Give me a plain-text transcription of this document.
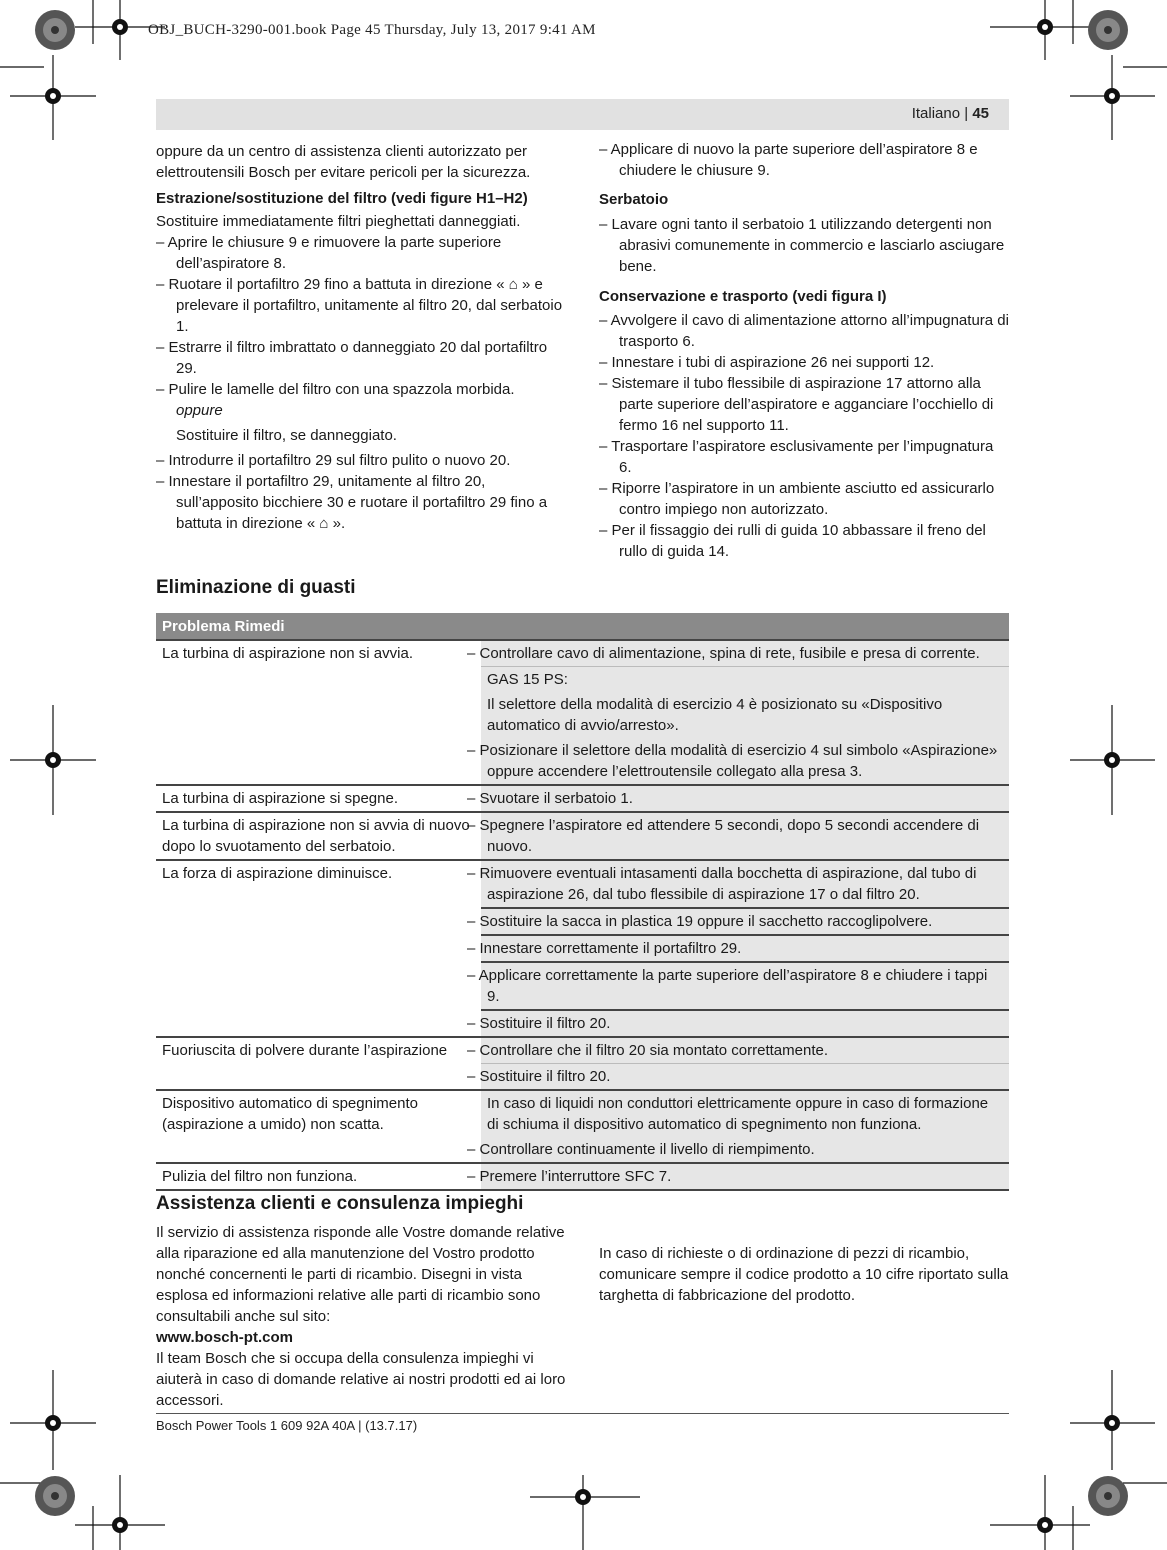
OBJ_BUCH-3290-001.book Page 45 Thursday, July 13, 2017 9:41 AM
Italiano | 45

oppure da un centro di assistenza clienti autorizzato per elettroutensili Bosch per evitare pericoli per la sicurezza.

Estrazione/sostituzione del filtro (vedi figure H1–H2)

Sostituire immediatamente filtri pieghettati danneggiati.

– Aprire le chiusure 9 e rimuovere la parte superiore dell’aspiratore 8.

– Ruotare il portafiltro 29 fino a battuta in direzione « ⌂ » e prelevare il portafiltro, unitamente al filtro 20, dal serbatoio 1.

– Estrarre il filtro imbrattato o danneggiato 20 dal portafiltro 29.

– Pulire le lamelle del filtro con una spazzola morbida.

oppure

Sostituire il filtro, se danneggiato.

– Introdurre il portafiltro 29 sul filtro pulito o nuovo 20.

– Innestare il portafiltro 29, unitamente al filtro 20, sull’apposito bicchiere 30 e ruotare il portafiltro 29 fino a battuta in direzione « ⌂ ».

– Applicare di nuovo la parte superiore dell’aspiratore 8 e chiudere le chiusure 9.

Serbatoio

– Lavare ogni tanto il serbatoio 1 utilizzando detergenti non abrasivi comunemente in commercio e lasciarlo asciugare bene.

Conservazione e trasporto (vedi figura I)

– Avvolgere il cavo di alimentazione attorno all’impugnatura di trasporto 6.

– Innestare i tubi di aspirazione 26 nei supporti 12.

– Sistemare il tubo flessibile di aspirazione 17 attorno alla parte superiore dell’aspiratore e agganciare l’occhiello di fermo 16 nel supporto 11.

– Trasportare l’aspiratore esclusivamente per l’impugnatura 6.

– Riporre l’aspiratore in un ambiente asciutto ed assicurarlo contro impiego non autorizzato.

– Per il fissaggio dei rulli di guida 10 abbassare il freno del rullo di guida 14.

Eliminazione di guasti
Problema Rimedi	
La turbina di aspirazione non si avvia.	– Controllare cavo di alimentazione, spina di rete, fusibile e presa di corrente.
	GAS 15 PS:
	Il selettore della modalità di esercizio 4 è posizionato su «Dispositivo automatico di avvio/arresto».
	– Posizionare il selettore della modalità di esercizio 4 sul simbolo «Aspirazione» oppure accendere l’elettroutensile collegato alla presa 3.
La turbina di aspirazione si spegne.	– Svuotare il serbatoio 1.
La turbina di aspirazione non si avvia di nuovo dopo lo svuotamento del serbatoio.	– Spegnere l’aspiratore ed attendere 5 secondi, dopo 5 secondi accendere di nuovo.
La forza di aspirazione diminuisce.	– Rimuovere eventuali intasamenti dalla bocchetta di aspirazione, dal tubo di aspirazione 26, dal tubo flessibile di aspirazione 17 o dal filtro 20.
	– Sostituire la sacca in plastica 19 oppure il sacchetto raccoglipolvere.
	– Innestare correttamente il portafiltro 29.
	– Applicare correttamente la parte superiore dell’aspiratore 8 e chiudere i tappi 9.
	– Sostituire il filtro 20.
Fuoriuscita di polvere durante l’aspirazione	– Controllare che il filtro 20 sia montato correttamente.
	– Sostituire il filtro 20.
Dispositivo automatico di spegnimento (aspirazione a umido) non scatta.	In caso di liquidi non conduttori elettricamente oppure in caso di formazione di schiuma il dispositivo automatico di spegnimento non funziona.
	– Controllare continuamente il livello di riempimento.
Pulizia del filtro non funziona.	– Premere l’interruttore SFC 7.
Assistenza clienti e consulenza impieghi

Il servizio di assistenza risponde alle Vostre domande relative alla riparazione ed alla manutenzione del Vostro prodotto nonché concernenti le parti di ricambio. Disegni in vista esplosa ed informazioni relative alle parti di ricambio sono consultabili anche sul sito:

www.bosch-pt.com

Il team Bosch che si occupa della consulenza impieghi vi aiuterà in caso di domande relative ai nostri prodotti ed ai loro accessori.

In caso di richieste o di ordinazione di pezzi di ricambio, comunicare sempre il codice prodotto a 10 cifre riportato sulla targhetta di fabbricazione del prodotto.

Bosch Power Tools 1 609 92A 40A | (13.7.17)
